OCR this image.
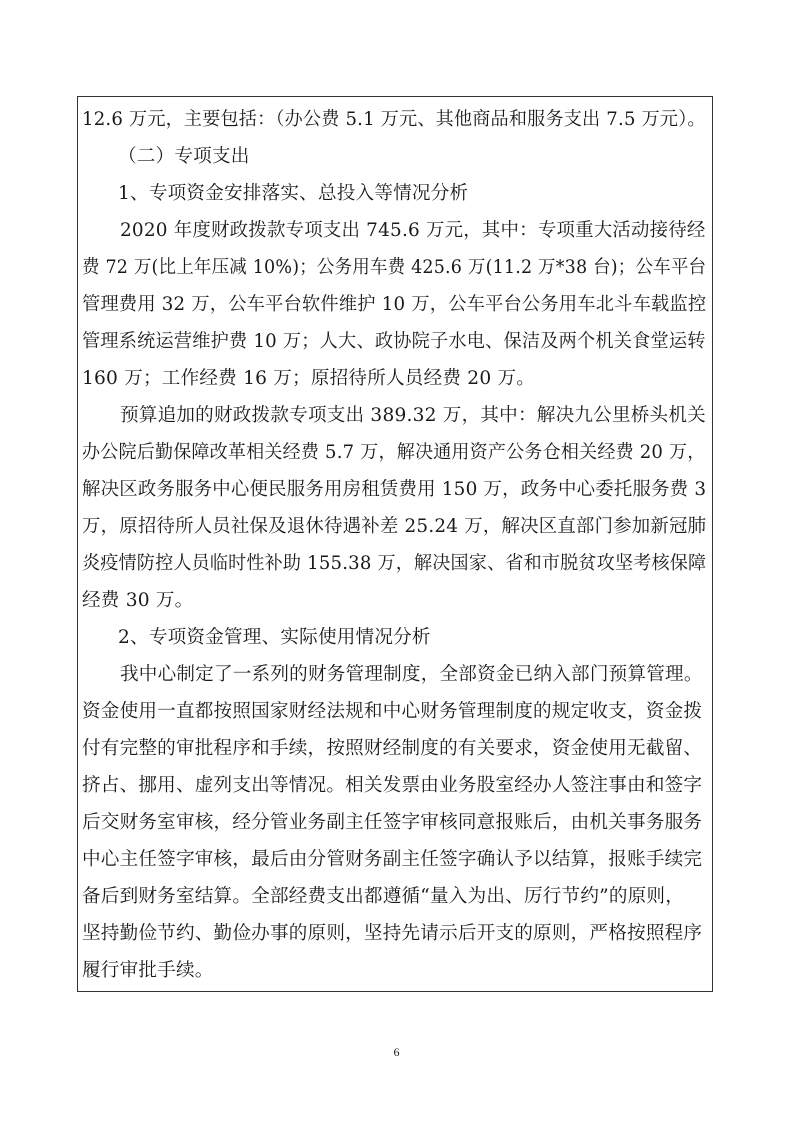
12.6 万元，主要包括：（办公费 5.1 万元、其他商品和服务支出 7.5 万元）。
（二）专项支出
1、专项资金安排落实、总投入等情况分析
2020 年度财政拨款专项支出 745.6 万元，其中：专项重大活动接待经
费 72 万(比上年压减 10%)；公务用车费 425.6 万(11.2 万*38 台)；公车平台
管理费用 32 万，公车平台软件维护 10 万，公车平台公务用车北斗车载监控
管理系统运营维护费 10 万；人大、政协院子水电、保洁及两个机关食堂运转
160 万；工作经费 16 万；原招待所人员经费 20 万。
预算追加的财政拨款专项支出 389.32 万，其中：解决九公里桥头机关
办公院后勤保障改革相关经费 5.7 万，解决通用资产公务仓相关经费 20 万，
解决区政务服务中心便民服务用房租赁费用 150 万，政务中心委托服务费 3
万，原招待所人员社保及退休待遇补差 25.24 万，解决区直部门参加新冠肺
炎疫情防控人员临时性补助 155.38 万，解决国家、省和市脱贫攻坚考核保障
经费 30 万。
2、专项资金管理、实际使用情况分析
我中心制定了一系列的财务管理制度，全部资金已纳入部门预算管理。
资金使用一直都按照国家财经法规和中心财务管理制度的规定收支，资金拨
付有完整的审批程序和手续，按照财经制度的有关要求，资金使用无截留、
挤占、挪用、虚列支出等情况。相关发票由业务股室经办人签注事由和签字
后交财务室审核，经分管业务副主任签字审核同意报账后，由机关事务服务
中心主任签字审核，最后由分管财务副主任签字确认予以结算，报账手续完
备后到财务室结算。全部经费支出都遵循“量入为出、厉行节约”的原则，
坚持勤俭节约、勤俭办事的原则，坚持先请示后开支的原则，严格按照程序
履行审批手续。
6
